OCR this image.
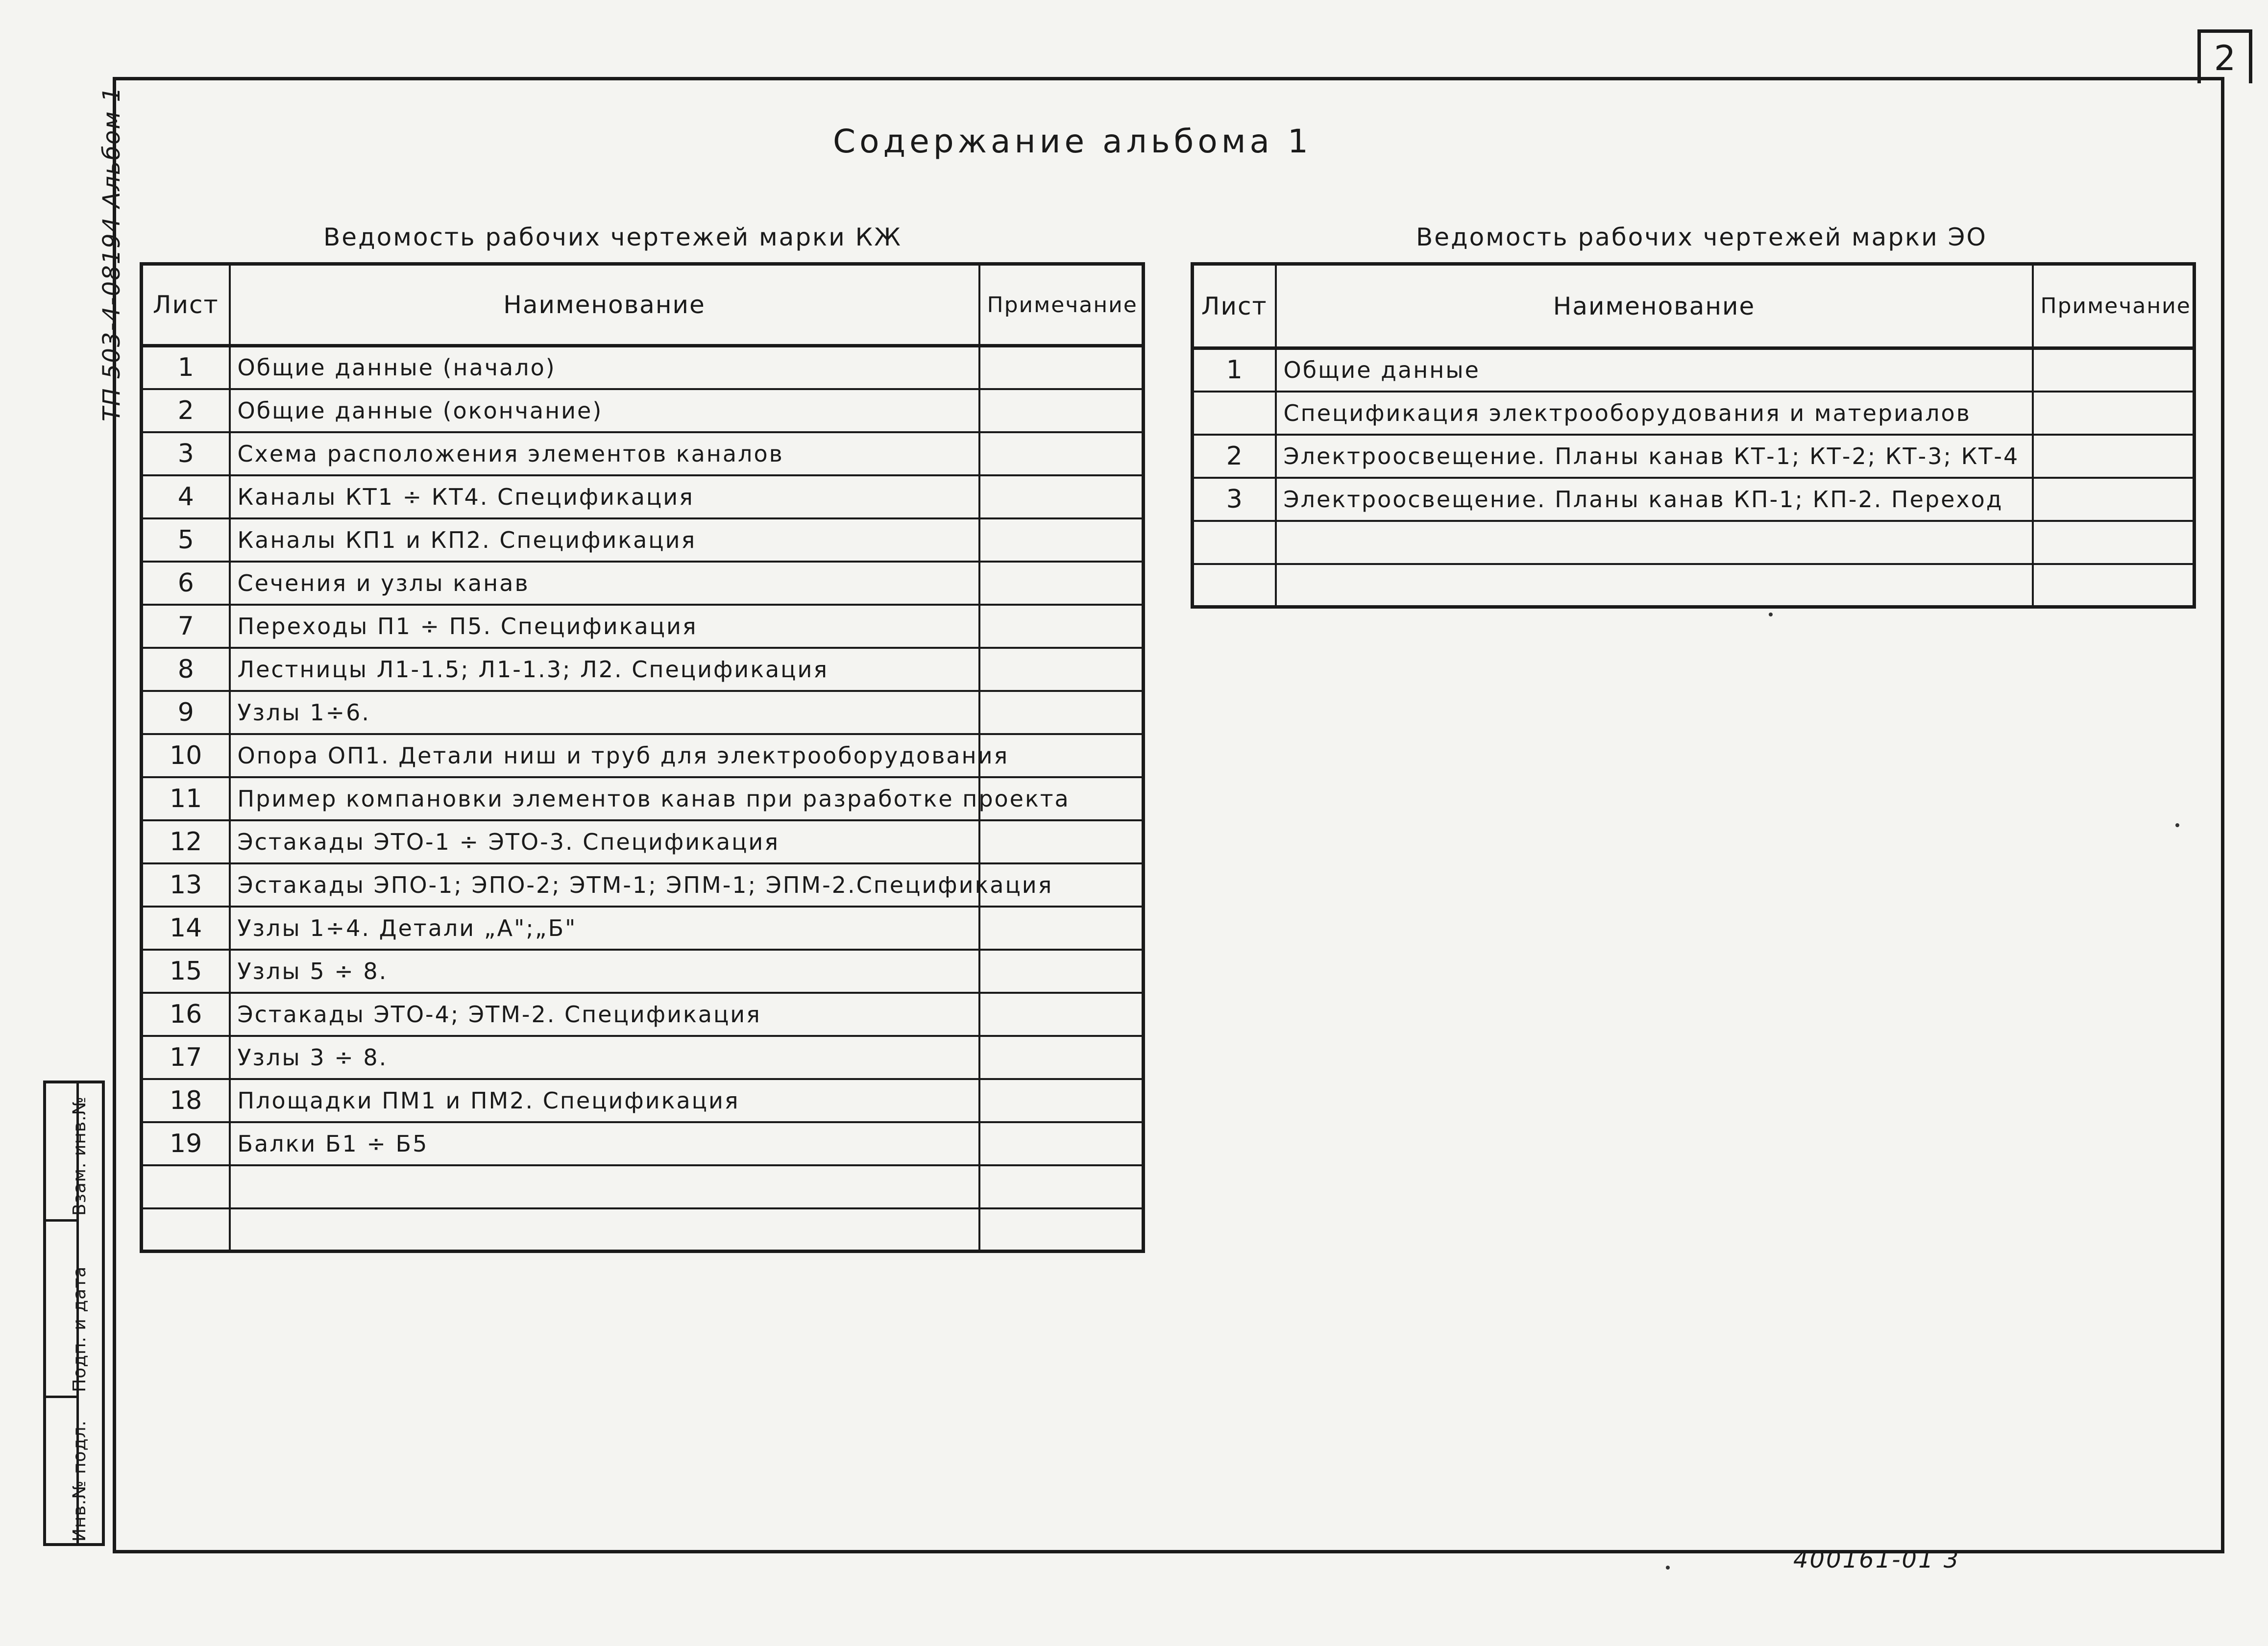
2
Содержание альбома 1
ТП 503-4-08194 Альбом 1
Инв.№ подл.
Подп. и дата
Взам. инв.№
Ведомость рабочих чертежей марки КЖ
Лист	Наименование	Примечание
1	Общие данные (начало)	
2	Общие данные (окончание)	
3	Схема расположения элементов каналов	
4	Каналы КТ1 ÷ КТ4. Спецификация	
5	Каналы КП1 и КП2. Спецификация	
6	Сечения и узлы канав	
7	Переходы П1 ÷ П5. Спецификация	
8	Лестницы Л1-1.5; Л1-1.3; Л2. Спецификация	
9	Узлы 1÷6.	
10	Опора ОП1. Детали ниш и труб для электрооборудования	
11	Пример компановки элементов канав при разработке проекта	
12	Эстакады ЭТО-1 ÷ ЭТО-3. Спецификация	
13	Эстакады ЭПО-1; ЭПО-2; ЭТМ-1; ЭПМ-1; ЭПМ-2.Спецификация	
14	Узлы 1÷4. Детали „А";„Б"	
15	Узлы 5 ÷ 8.	
16	Эстакады ЭТО-4; ЭТМ-2. Спецификация	
17	Узлы 3 ÷ 8.	
18	Площадки ПМ1 и ПМ2. Спецификация	
19	Балки Б1 ÷ Б5	

Ведомость рабочих чертежей марки ЭО
Лист	Наименование	Примечание
1	Общие данные	
	Спецификация электрооборудования и материалов	
2	Электроосвещение. Планы канав КТ-1; КТ-2; КТ-3; КТ-4	
3	Электроосвещение. Планы канав КП-1; КП-2. Переход	

400161-01 3
